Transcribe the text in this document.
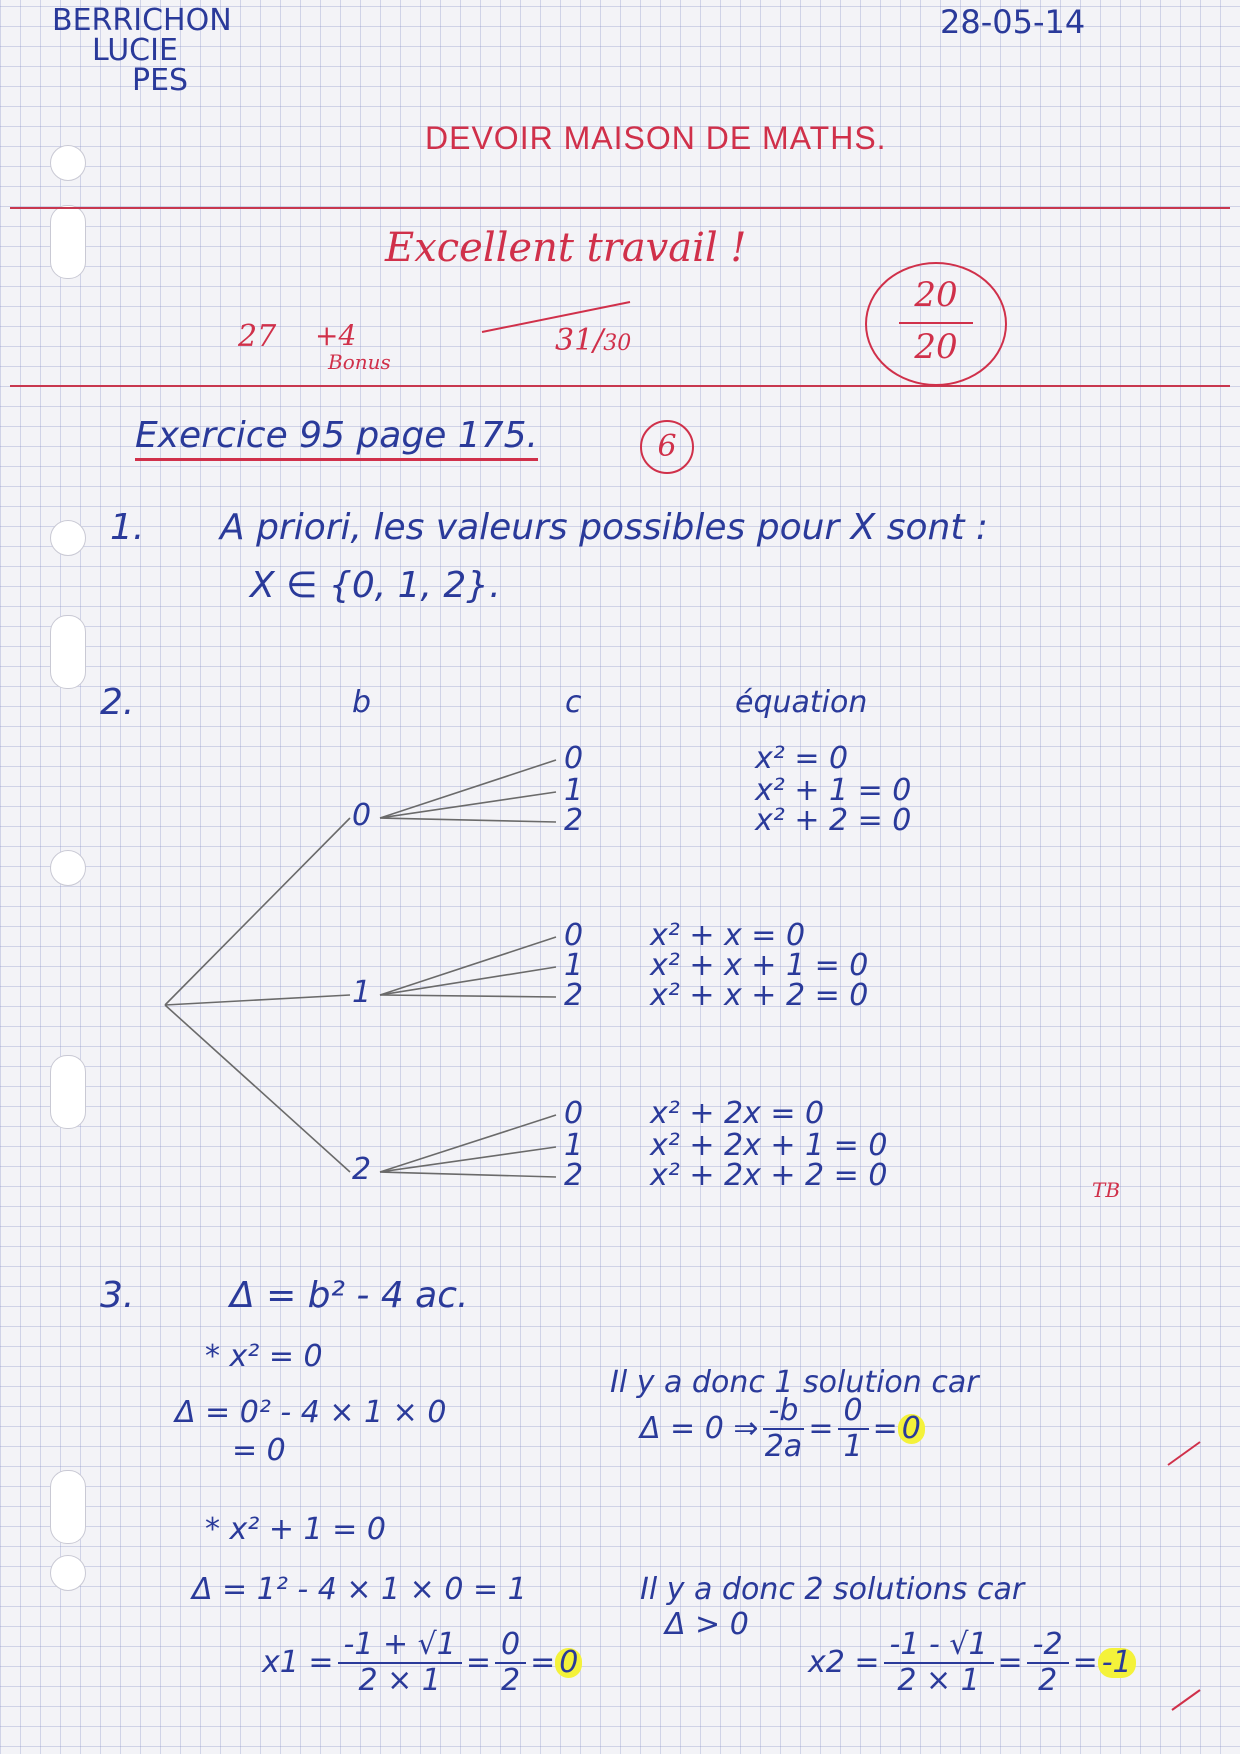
BERRICHON
LUCIE
PES
28-05-14
DEVOIR MAISON DE MATHS.
Excellent travail !
27 +4
Bonus
31/30
20
20
Exercice 95 page 175.	6
1. A priori, les valeurs possibles pour X sont :
X ∈ {0, 1, 2}.
2.	b	c	équation
0
0	x² = 0
1	x² + 1 = 0
2	x² + 2 = 0
1
0 x² + x = 0
1 x² + x + 1 = 0
2 x² + x + 2 = 0
2
0 x² + 2x = 0
1 x² + 2x + 1 = 0
2 x² + 2x + 2 = 0
3.	Δ = b² - 4 ac.
* x² = 0
Δ = 0² - 4 × 1 × 0
= 0
Il y a donc 1 solution car
Δ = 0 ⇒ $\frac{-b}{2a} = \frac{0}{1} = 0$
* x² + 1 = 0
Δ = 1² - 4 × 1 × 0 = 1	Il y a donc 2 solutions car
Δ > 0
$x1 = \frac{-1 + √1}{2 \times 1} = \frac{0}{2} = 0$	$x2 = \frac{-1 - √1}{2 \times 1} = \frac{-2}{2} = -1$
TB
